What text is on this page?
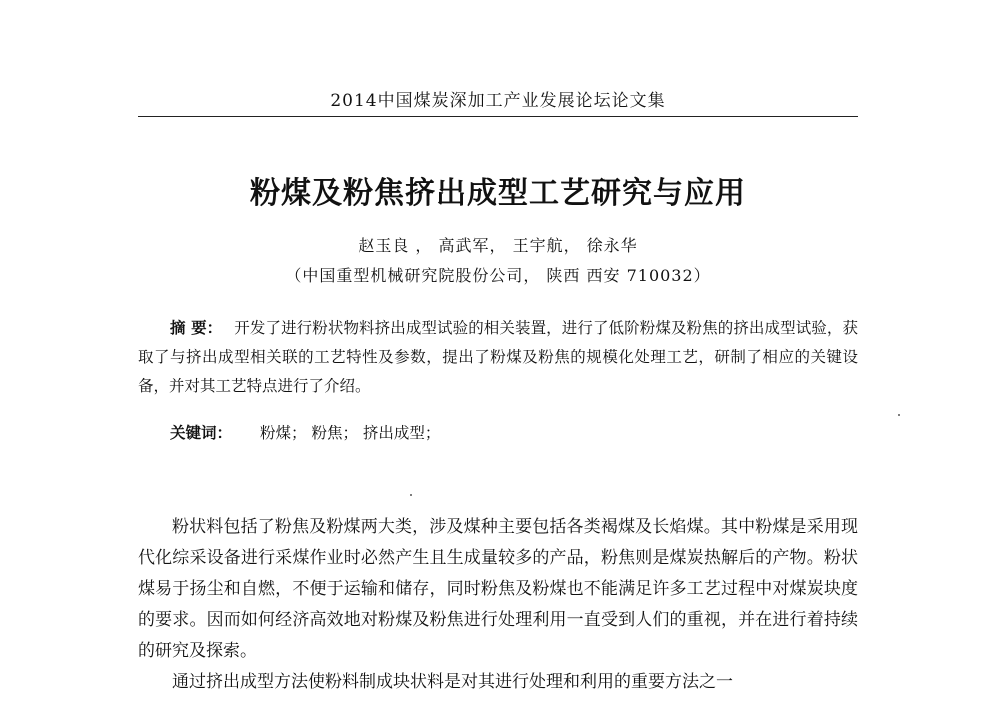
2014中国煤炭深加工产业发展论坛论文集
粉煤及粉焦挤出成型工艺研究与应用
赵玉良 ， 高武军， 王宇航， 徐永华
（中国重型机械研究院股份公司， 陕西 西安 710032）
摘 要： 开发了进行粉状物料挤出成型试验的相关装置，进行了低阶粉煤及粉焦的挤出成型试验，获取了与挤出成型相关联的工艺特性及参数，提出了粉煤及粉焦的规模化处理工艺，研制了相应的关键设备，并对其工艺特点进行了介绍。
关键词： 粉煤； 粉焦； 挤出成型；

粉状料包括了粉焦及粉煤两大类，涉及煤种主要包括各类褐煤及长焰煤。其中粉煤是采用现代化综采设备进行采煤作业时必然产生且生成量较多的产品，粉焦则是煤炭热解后的产物。粉状煤易于扬尘和自燃，不便于运输和储存，同时粉焦及粉煤也不能满足许多工艺过程中对煤炭块度的要求。因而如何经济高效地对粉煤及粉焦进行处理利用一直受到人们的重视，并在进行着持续的研究及探索。

通过挤出成型方法使粉料制成块状料是对其进行处理和利用的重要方法之一
